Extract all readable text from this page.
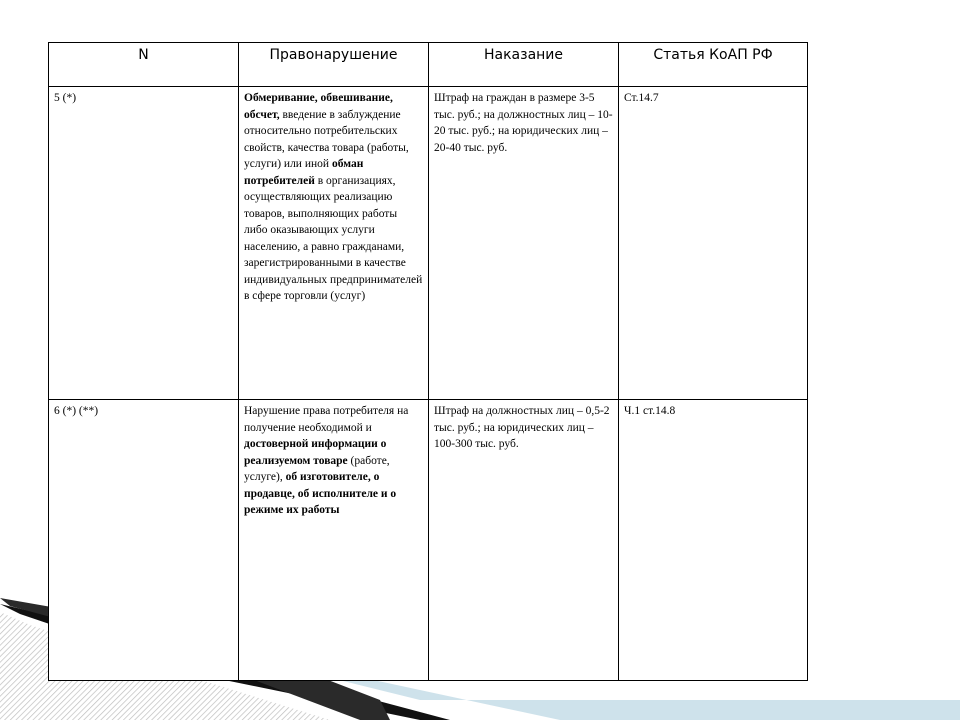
N	Правонарушение	Наказание	Статья КоАП РФ
5 (*)	Обмеривание, обвешивание, обсчет, введение в заблуждение относительно потребительских свойств, качества товара (работы, услуги) или иной обман потребителей в организациях, осуществляющих реализацию товаров, выполняющих работы либо оказывающих услуги населению, а равно гражданами, зарегистрированными в качестве индивидуальных предпринимателей в сфере торговли (услуг)	Штраф на граждан в размере 3-5 тыс. руб.; на должностных лиц – 10-20 тыс. руб.; на юридических лиц – 20-40 тыс. руб.	Ст.14.7
6 (*) (**)	Нарушение права потребителя на получение необходимой и достоверной информации о реализуемом товаре (работе, услуге), об изготовителе, о продавце, об исполнителе и о режиме их работы	Штраф на должностных лиц – 0,5-2 тыс. руб.; на юридических лиц – 100-300 тыс. руб.	Ч.1 ст.14.8
